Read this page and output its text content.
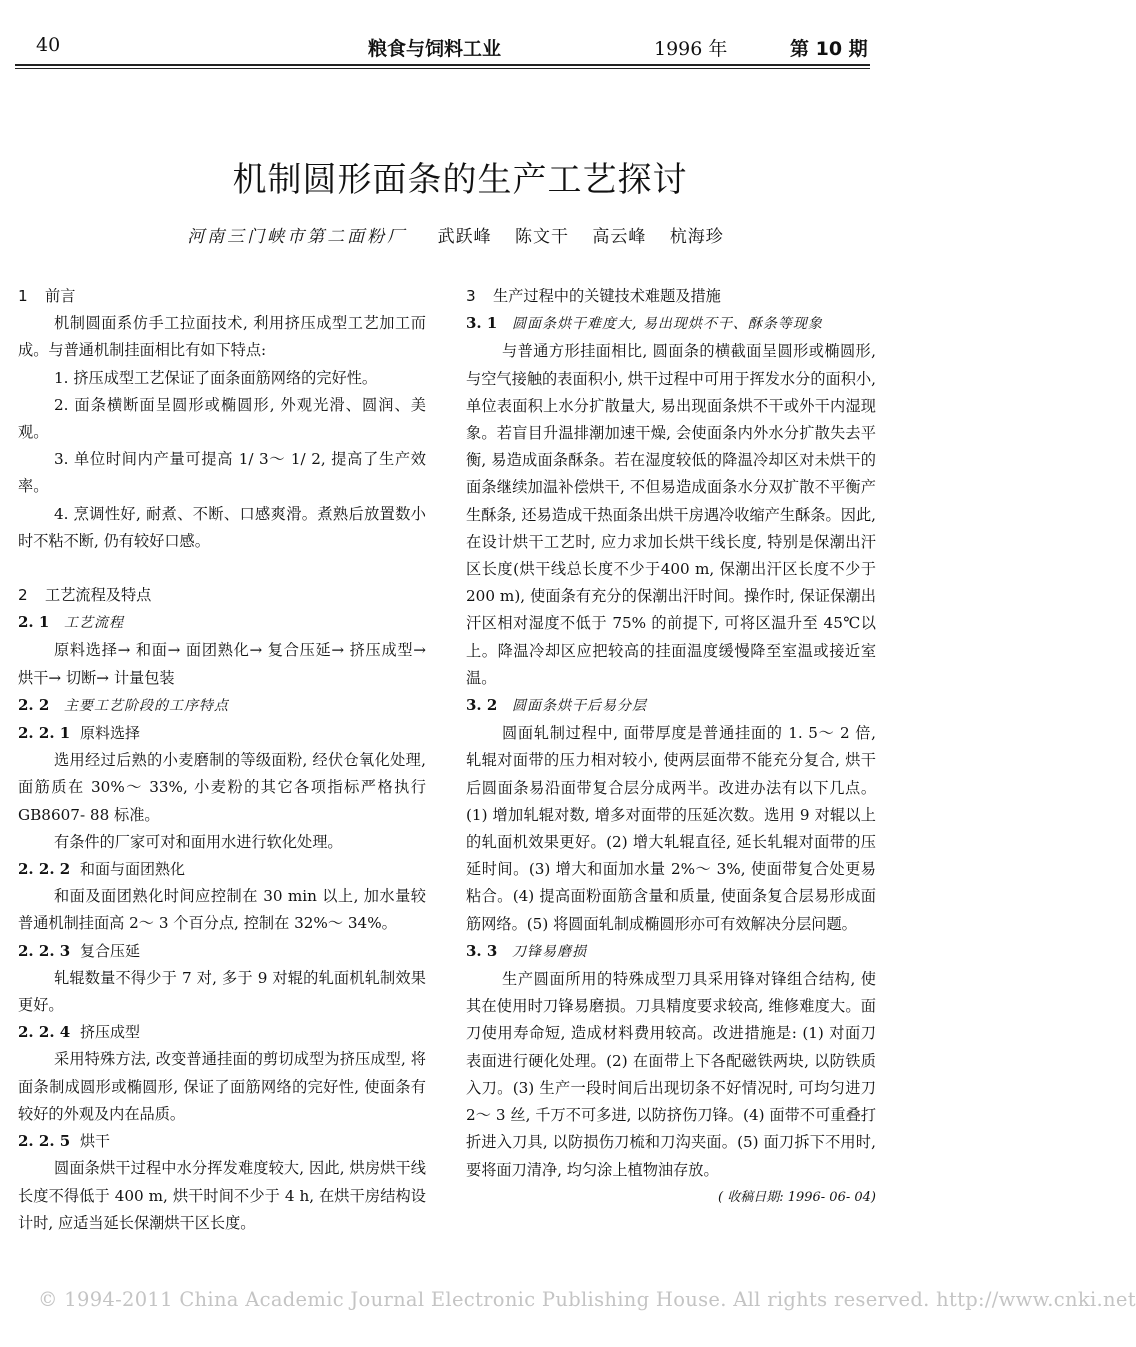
40	粮食与饲料工业	1996 年	第 10 期
机制圆形面条的生产工艺探讨
河南三门峡市第二面粉厂 武跃峰 陈文干 高云峰 杭海珍

1 前言

机制圆面系仿手工拉面技术, 利用挤压成型工艺加工而成。与普通机制挂面相比有如下特点:

1. 挤压成型工艺保证了面条面筋网络的完好性。

2. 面条横断面呈圆形或椭圆形, 外观光滑、圆润、美观。

3. 单位时间内产量可提高 1/ 3～ 1/ 2, 提高了生产效率。

4. 烹调性好, 耐煮、不断、口感爽滑。煮熟后放置数小时不粘不断, 仍有较好口感。

2 工艺流程及特点

2. 1 工艺流程

原料选择→ 和面→ 面团熟化→ 复合压延→ 挤压成型→ 烘干→ 切断→ 计量包装

2. 2 主要工艺阶段的工序特点

2. 2. 1 原料选择

选用经过后熟的小麦磨制的等级面粉, 经伏仓氧化处理, 面筋质在 30%～ 33%, 小麦粉的其它各项指标严格执行 GB8607- 88 标准。

有条件的厂家可对和面用水进行软化处理。

2. 2. 2 和面与面团熟化

和面及面团熟化时间应控制在 30 min 以上, 加水量较普通机制挂面高 2～ 3 个百分点, 控制在 32%～ 34%。

2. 2. 3 复合压延

轧辊数量不得少于 7 对, 多于 9 对辊的轧面机轧制效果更好。

2. 2. 4 挤压成型

采用特殊方法, 改变普通挂面的剪切成型为挤压成型, 将面条制成圆形或椭圆形, 保证了面筋网络的完好性, 使面条有较好的外观及内在品质。

2. 2. 5 烘干

圆面条烘干过程中水分挥发难度较大, 因此, 烘房烘干线长度不得低于 400 m, 烘干时间不少于 4 h, 在烘干房结构设计时, 应适当延长保潮烘干区长度。

3 生产过程中的关键技术难题及措施

3. 1 圆面条烘干难度大, 易出现烘不干、酥条等现象

与普通方形挂面相比, 圆面条的横截面呈圆形或椭圆形, 与空气接触的表面积小, 烘干过程中可用于挥发水分的面积小, 单位表面积上水分扩散量大, 易出现面条烘不干或外干内湿现象。若盲目升温排潮加速干燥, 会使面条内外水分扩散失去平衡, 易造成面条酥条。若在湿度较低的降温冷却区对未烘干的面条继续加温补偿烘干, 不但易造成面条水分双扩散不平衡产生酥条, 还易造成干热面条出烘干房遇冷收缩产生酥条。因此, 在设计烘干工艺时, 应力求加长烘干线长度, 特别是保潮出汗区长度(烘干线总长度不少于400 m, 保潮出汗区长度不少于 200 m), 使面条有充分的保潮出汗时间。操作时, 保证保潮出汗区相对湿度不低于 75% 的前提下, 可将区温升至 45℃以上。降温冷却区应把较高的挂面温度缓慢降至室温或接近室温。

3. 2 圆面条烘干后易分层

圆面轧制过程中, 面带厚度是普通挂面的 1. 5～ 2 倍, 轧辊对面带的压力相对较小, 使两层面带不能充分复合, 烘干后圆面条易沿面带复合层分成两半。改进办法有以下几点。(1) 增加轧辊对数, 增多对面带的压延次数。选用 9 对辊以上的轧面机效果更好。(2) 增大轧辊直径, 延长轧辊对面带的压延时间。(3) 增大和面加水量 2%～ 3%, 使面带复合处更易粘合。(4) 提高面粉面筋含量和质量, 使面条复合层易形成面筋网络。(5) 将圆面轧制成椭圆形亦可有效解决分层问题。

3. 3 刀锋易磨损

生产圆面所用的特殊成型刀具采用锋对锋组合结构, 使其在使用时刀锋易磨损。刀具精度要求较高, 维修难度大。面刀使用寿命短, 造成材料费用较高。改进措施是: (1) 对面刀表面进行硬化处理。(2) 在面带上下各配磁铁两块, 以防铁质入刀。(3) 生产一段时间后出现切条不好情况时, 可均匀进刀 2～ 3 丝, 千万不可多进, 以防挤伤刀锋。(4) 面带不可重叠打折进入刀具, 以防损伤刀梳和刀沟夹面。(5) 面刀拆下不用时, 要将面刀清净, 均匀涂上植物油存放。

( 收稿日期: 1996- 06- 04)

© 1994-2011 China Academic Journal Electronic Publishing House. All rights reserved. http://www.cnki.net
